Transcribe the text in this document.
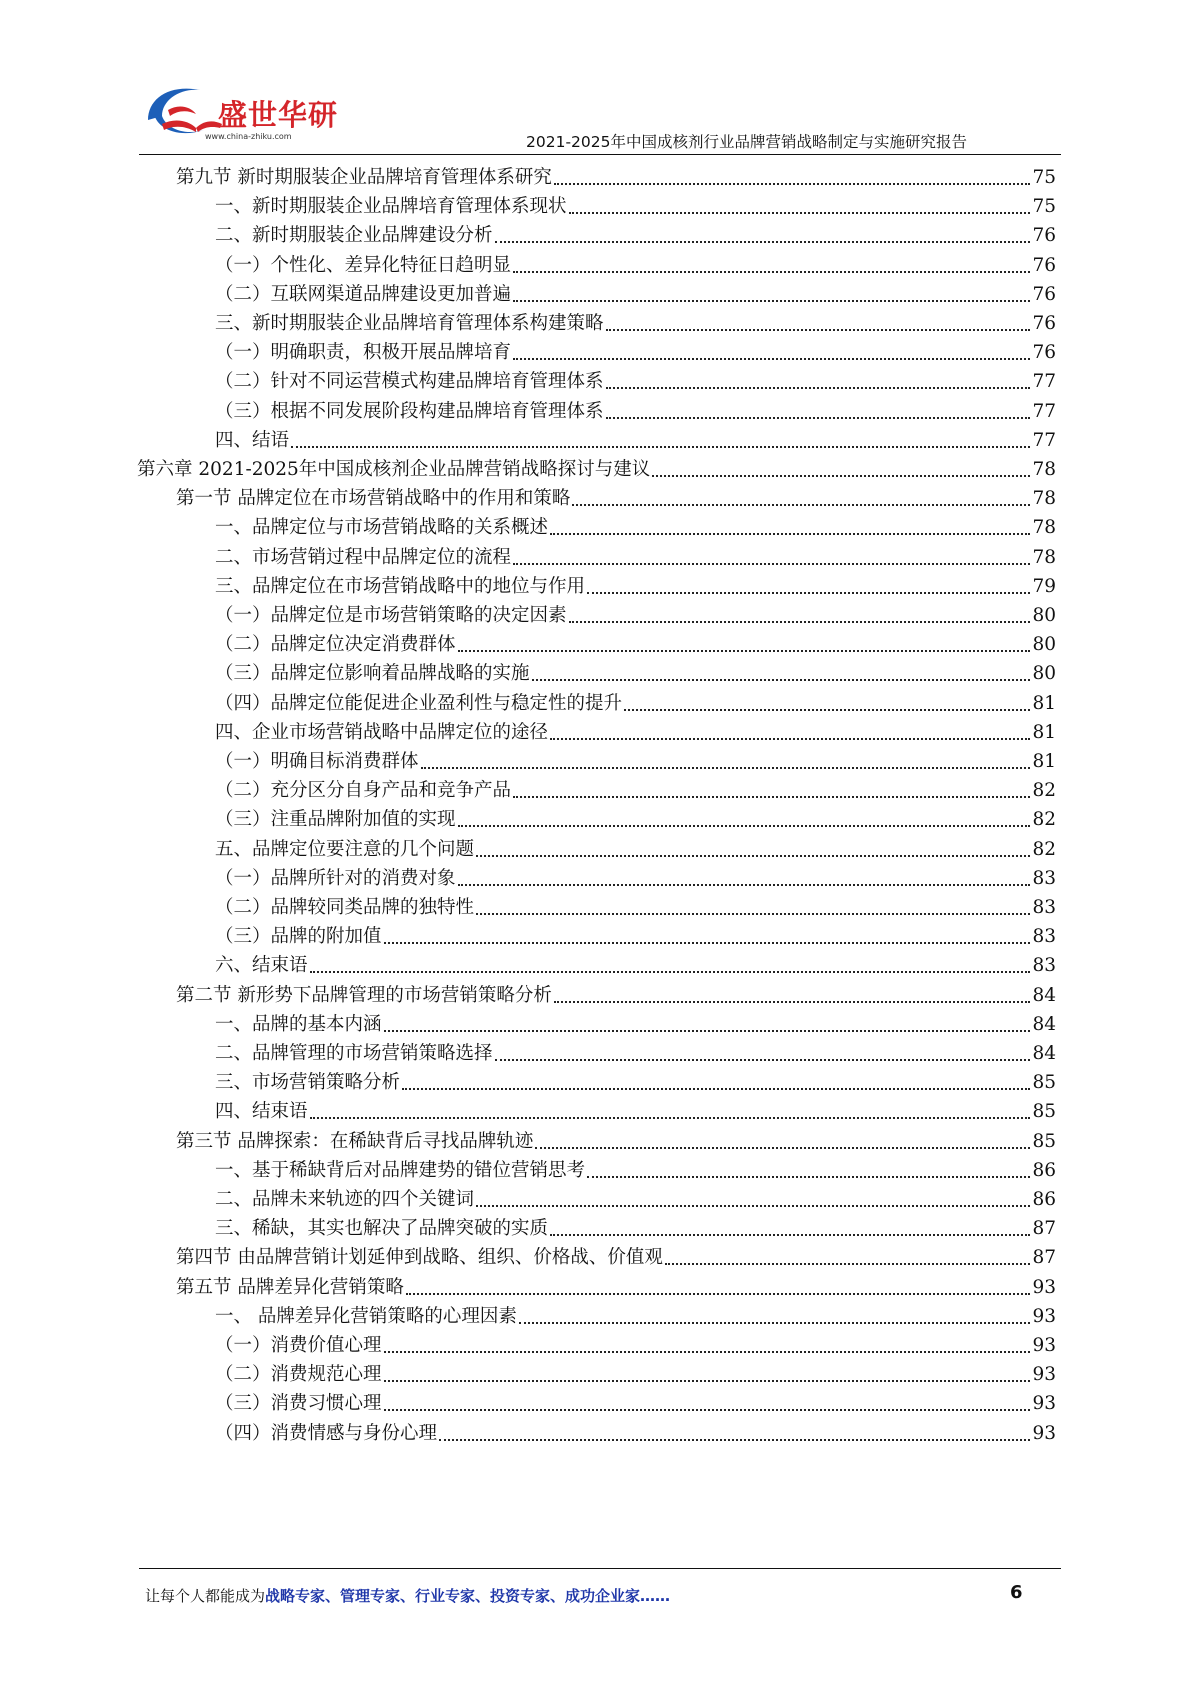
盛世华研
www.china-zhiku.com	2021-2025年中国成核剂行业品牌营销战略制定与实施研究报告
第九节 新时期服装企业品牌培育管理体系研究	75
一、新时期服装企业品牌培育管理体系现状	75
二、新时期服装企业品牌建设分析	76
（一）个性化、差异化特征日趋明显	76
（二）互联网渠道品牌建设更加普遍	76
三、新时期服装企业品牌培育管理体系构建策略	76
（一）明确职责，积极开展品牌培育	76
（二）针对不同运营模式构建品牌培育管理体系	77
（三）根据不同发展阶段构建品牌培育管理体系	77
四、结语	77
第六章 2021-2025年中国成核剂企业品牌营销战略探讨与建议	78
第一节 品牌定位在市场营销战略中的作用和策略	78
一、品牌定位与市场营销战略的关系概述	78
二、市场营销过程中品牌定位的流程	78
三、品牌定位在市场营销战略中的地位与作用	79
（一）品牌定位是市场营销策略的决定因素	80
（二）品牌定位决定消费群体	80
（三）品牌定位影响着品牌战略的实施	80
（四）品牌定位能促进企业盈利性与稳定性的提升	81
四、企业市场营销战略中品牌定位的途径	81
（一）明确目标消费群体	81
（二）充分区分自身产品和竞争产品	82
（三）注重品牌附加值的实现	82
五、品牌定位要注意的几个问题	82
（一）品牌所针对的消费对象	83
（二）品牌较同类品牌的独特性	83
（三）品牌的附加值	83
六、结束语	83
第二节 新形势下品牌管理的市场营销策略分析	84
一、品牌的基本内涵	84
二、品牌管理的市场营销策略选择	84
三、市场营销策略分析	85
四、结束语	85
第三节 品牌探索：在稀缺背后寻找品牌轨迹	85
一、基于稀缺背后对品牌建势的错位营销思考	86
二、品牌未来轨迹的四个关键词	86
三、稀缺，其实也解决了品牌突破的实质	87
第四节 由品牌营销计划延伸到战略、组织、价格战、价值观	87
第五节 品牌差异化营销策略	93
一、 品牌差异化营销策略的心理因素	93
（一）消费价值心理	93
（二）消费规范心理	93
（三）消费习惯心理	93
（四）消费情感与身份心理	93
让每个人都能成为战略专家、管理专家、行业专家、投资专家、成功企业家……	6
